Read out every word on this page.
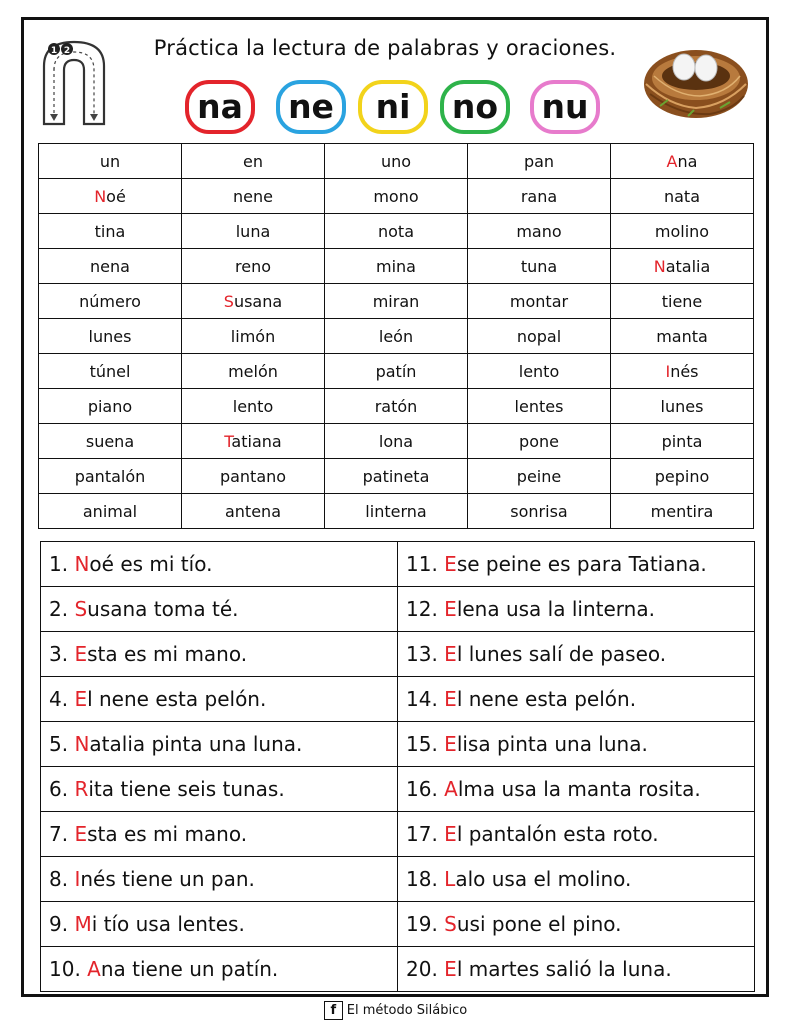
1 2	Práctica la lectura de palabras y oraciones.
na	ne	ni	no	nu
un	en	uno	pan	Ana
Noé	nene	mono	rana	nata
tina	luna	nota	mano	molino
nena	reno	mina	tuna	Natalia
número	Susana	miran	montar	tiene
lunes	limón	león	nopal	manta
túnel	melón	patín	lento	Inés
piano	lento	ratón	lentes	lunes
suena	Tatiana	lona	pone	pinta
pantalón	pantano	patineta	peine	pepino
animal	antena	linterna	sonrisa	mentira
1. Noé es mi tío.	11. Ese peine es para Tatiana.
2. Susana toma té.	12. Elena usa la linterna.
3. Esta es mi mano.	13. El lunes salí de paseo.
4. El nene esta pelón.	14. El nene esta pelón.
5. Natalia pinta una luna.	15. Elisa pinta una luna.
6. Rita tiene seis tunas.	16. Alma usa la manta rosita.
7. Esta es mi mano.	17. El pantalón esta roto.
8. Inés tiene un pan.	18. Lalo usa el molino.
9. Mi tío usa lentes.	19. Susi pone el pino.
10. Ana tiene un patín.	20. El martes salió la luna.
f El método Silábico
